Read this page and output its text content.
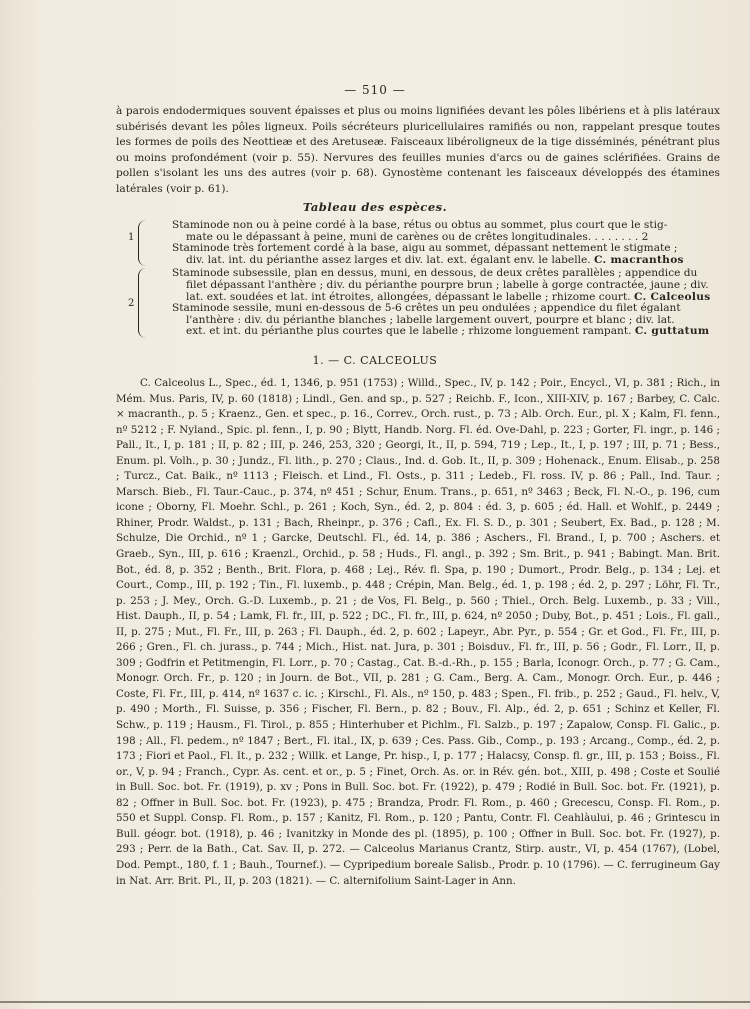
— 510 —
à parois endodermiques souvent épaisses et plus ou moins lignifiées devant les pôles libériens et à plis latéraux subérisés devant les pôles ligneux. Poils sécréteurs pluricellulaires ramifiés ou non, rappelant presque toutes les formes de poils des Neottieæ et des Aretuseæ. Faisceaux libéroligneux de la tige disséminés, pénétrant plus ou moins profondément (voir p. 55). Nervures des feuilles munies d'arcs ou de gaines sclérifiées. Grains de pollen s'isolant les uns des autres (voir p. 68). Gynostème contenant les faisceaux développés des étamines latérales (voir p. 61).
Tableau des espèces.
1
Staminode non ou à peine cordé à la base, rétus ou obtus au sommet, plus court que le stig-
mate ou le dépassant à peine, muni de carènes ou de crêtes longitudinales. . . . . . . . 2
Staminode très fortement cordé à la base, aigu au sommet, dépassant nettement le stigmate ;
div. lat. int. du périanthe assez larges et div. lat. ext. égalant env. le labelle. C. macranthos
2
Staminode subsessile, plan en dessus, muni, en dessous, de deux crêtes parallèles ; appendice du
filet dépassant l'anthère ; div. du périanthe pourpre brun ; labelle à gorge contractée, jaune ; div.
lat. ext. soudées et lat. int étroites, allongées, dépassant le labelle ; rhizome court. C. Calceolus
Staminode sessile, muni en-dessous de 5-6 crêtes un peu ondulées ; appendice du filet égalant
l'anthère : div. du périanthe blanches ; labelle largement ouvert, pourpre et blanc ; div. lat.
ext. et int. du périanthe plus courtes que le labelle ; rhizome longuement rampant. C. guttatum
1. — C. CALCEOLUS

C. Calceolus L., Spec., éd. 1, 1346, p. 951 (1753) ; Willd., Spec., IV, p. 142 ; Poir., Encycl., VI, p. 381 ; Rich., in Mém. Mus. Paris, IV, p. 60 (1818) ; Lindl., Gen. and sp., p. 527 ; Reichb. F., Icon., XIII-XIV, p. 167 ; Barbey, C. Calc. × macranth., p. 5 ; Kraenz., Gen. et spec., p. 16., Correv., Orch. rust., p. 73 ; Alb. Orch. Eur., pl. X ; Kalm, Fl. fenn., nº 5212 ; F. Nyland., Spic. pl. fenn., I, p. 90 ; Blytt, Handb. Norg. Fl. éd. Ove-Dahl, p. 223 ; Gorter, Fl. ingr., p. 146 ; Pall., It., I, p. 181 ; II, p. 82 ; III, p. 246, 253, 320 ; Georgi, It., II, p. 594, 719 ; Lep., It., I, p. 197 ; III, p. 71 ; Bess., Enum. pl. Volh., p. 30 ; Jundz., Fl. lith., p. 270 ; Claus., Ind. d. Gob. It., II, p. 309 ; Hohenack., Enum. Elisab., p. 258 ; Turcz., Cat. Baik., nº 1113 ; Fleisch. et Lind., Fl. Osts., p. 311 ; Ledeb., Fl. ross. IV, p. 86 ; Pall., Ind. Taur. ; Marsch. Bieb., Fl. Taur.-Cauc., p. 374, nº 451 ; Schur, Enum. Trans., p. 651, nº 3463 ; Beck, Fl. N.-O., p. 196, cum icone ; Oborny, Fl. Moehr. Schl., p. 261 ; Koch, Syn., éd. 2, p. 804 : éd. 3, p. 605 ; éd. Hall. et Wohlf., p. 2449 ; Rhiner, Prodr. Waldst., p. 131 ; Bach, Rheinpr., p. 376 ; Cafl., Ex. Fl. S. D., p. 301 ; Seubert, Ex. Bad., p. 128 ; M. Schulze, Die Orchid., nº 1 ; Garcke, Deutschl. Fl., éd. 14, p. 386 ; Aschers., Fl. Brand., I, p. 700 ; Aschers. et Graeb., Syn., III, p. 616 ; Kraenzl., Orchid., p. 58 ; Huds., Fl. angl., p. 392 ; Sm. Brit., p. 941 ; Babingt. Man. Brit. Bot., éd. 8, p. 352 ; Benth., Brit. Flora, p. 468 ; Lej., Rév. fl. Spa, p. 190 ; Dumort., Prodr. Belg., p. 134 ; Lej. et Court., Comp., III, p. 192 ; Tin., Fl. luxemb., p. 448 ; Crépin, Man. Belg., éd. 1, p. 198 ; éd. 2, p. 297 ; Löhr, Fl. Tr., p. 253 ; J. Mey., Orch. G.-D. Luxemb., p. 21 ; de Vos, Fl. Belg., p. 560 ; Thiel., Orch. Belg. Luxemb., p. 33 ; Vill., Hist. Dauph., II, p. 54 ; Lamk, Fl. fr., III, p. 522 ; DC., Fl. fr., III, p. 624, nº 2050 ; Duby, Bot., p. 451 ; Lois., Fl. gall., II, p. 275 ; Mut., Fl. Fr., III, p. 263 ; Fl. Dauph., éd. 2, p. 602 ; Lapeyr., Abr. Pyr., p. 554 ; Gr. et God., Fl. Fr., III, p. 266 ; Gren., Fl. ch. jurass., p. 744 ; Mich., Hist. nat. Jura, p. 301 ; Boisduv., Fl. fr., III, p. 56 ; Godr., Fl. Lorr., II, p. 309 ; Godfrin et Petitmengin, Fl. Lorr., p. 70 ; Castag., Cat. B.-d.-Rh., p. 155 ; Barla, Iconogr. Orch., p. 77 ; G. Cam., Monogr. Orch. Fr., p. 120 ; in Journ. de Bot., VII, p. 281 ; G. Cam., Berg. A. Cam., Monogr. Orch. Eur., p. 446 ; Coste, Fl. Fr., III, p. 414, nº 1637 c. ic. ; Kirschl., Fl. Als., nº 150, p. 483 ; Spen., Fl. frib., p. 252 ; Gaud., Fl. helv., V, p. 490 ; Morth., Fl. Suisse, p. 356 ; Fischer, Fl. Bern., p. 82 ; Bouv., Fl. Alp., éd. 2, p. 651 ; Schinz et Keller, Fl. Schw., p. 119 ; Hausm., Fl. Tirol., p. 855 ; Hinterhuber et Pichlm., Fl. Salzb., p. 197 ; Zapalow, Consp. Fl. Galic., p. 198 ; All., Fl. pedem., nº 1847 ; Bert., Fl. ital., IX, p. 639 ; Ces. Pass. Gib., Comp., p. 193 ; Arcang., Comp., éd. 2, p. 173 ; Fiori et Paol., Fl. It., p. 232 ; Willk. et Lange, Pr. hisp., I, p. 177 ; Halacsy, Consp. fl. gr., III, p. 153 ; Boiss., Fl. or., V, p. 94 ; Franch., Cypr. As. cent. et or., p. 5 ; Finet, Orch. As. or. in Rév. gén. bot., XIII, p. 498 ; Coste et Soulié in Bull. Soc. bot. Fr. (1919), p. xv ; Pons in Bull. Soc. bot. Fr. (1922), p. 479 ; Rodié in Bull. Soc. bot. Fr. (1921), p. 82 ; Offner in Bull. Soc. bot. Fr. (1923), p. 475 ; Brandza, Prodr. Fl. Rom., p. 460 ; Grecescu, Consp. Fl. Rom., p. 550 et Suppl. Consp. Fl. Rom., p. 157 ; Kanitz, Fl. Rom., p. 120 ; Pantu, Contr. Fl. Ceahlàului, p. 46 ; Grintescu in Bull. géogr. bot. (1918), p. 46 ; Ivanitzky in Monde des pl. (1895), p. 100 ; Offner in Bull. Soc. bot. Fr. (1927), p. 293 ; Perr. de la Bath., Cat. Sav. II, p. 272. — Calceolus Marianus Crantz, Stirp. austr., VI, p. 454 (1767), (Lobel, Dod. Pempt., 180, f. 1 ; Bauh., Tournef.). — Cypripedium boreale Salisb., Prodr. p. 10 (1796). — C. ferrugineum Gay in Nat. Arr. Brit. Pl., II, p. 203 (1821). — C. alternifolium Saint-Lager in Ann.
